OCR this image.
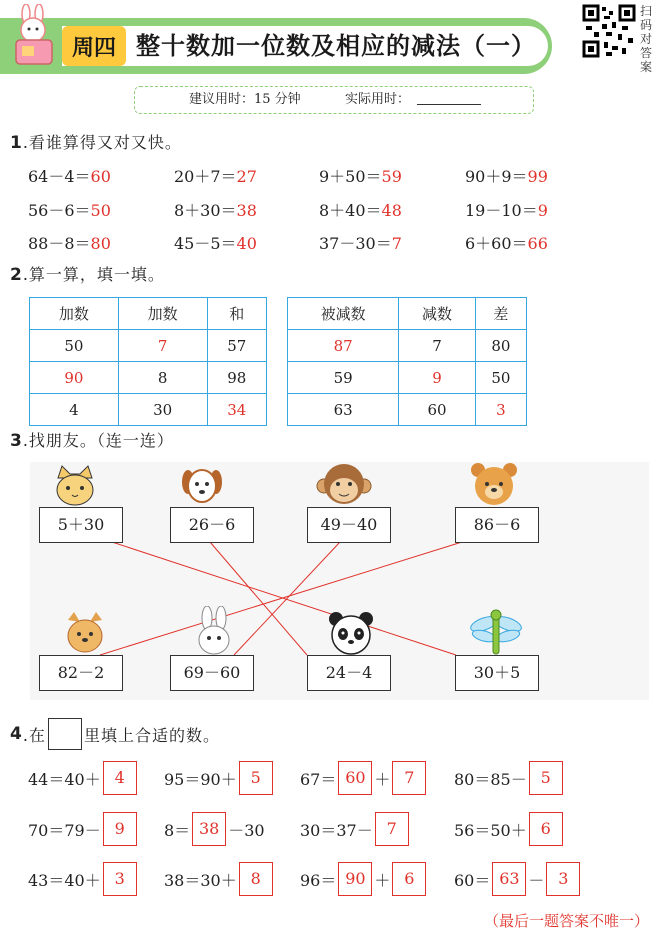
周四 整十数加一位数及相应的减法（一）
扫码对答案
建议用时：15 分钟	实际用时：
1.看谁算得又对又快。
64－4＝60	20＋7＝27	9＋50＝59	90＋9＝99
56－6＝50	8＋30＝38	8＋40＝48	19－10＝9
88－8＝80	45－5＝40	37－30＝7	6＋60＝66
2.算一算，填一填。
加数	加数	和
50	7	57
90	8	98
4	30	34
被减数	减数	差
87	7	80
59	9	50
63	60	3
3.找朋友。（连一连）
5＋30	26－6	49－40	86－6
82－2	69－60	24－4	30＋5
4 .在 里填上合适的数。
44＝40＋ 4	95＝90＋ 5	67＝ 60 ＋ 7	80＝85－ 5
70＝79－ 9	8＝ 38 －30 30＝37－ 7	56＝50＋ 6
43＝40＋ 3	38＝30＋ 8	96＝ 90 ＋ 6	60＝ 63 － 3
（最后一题答案不唯一）
